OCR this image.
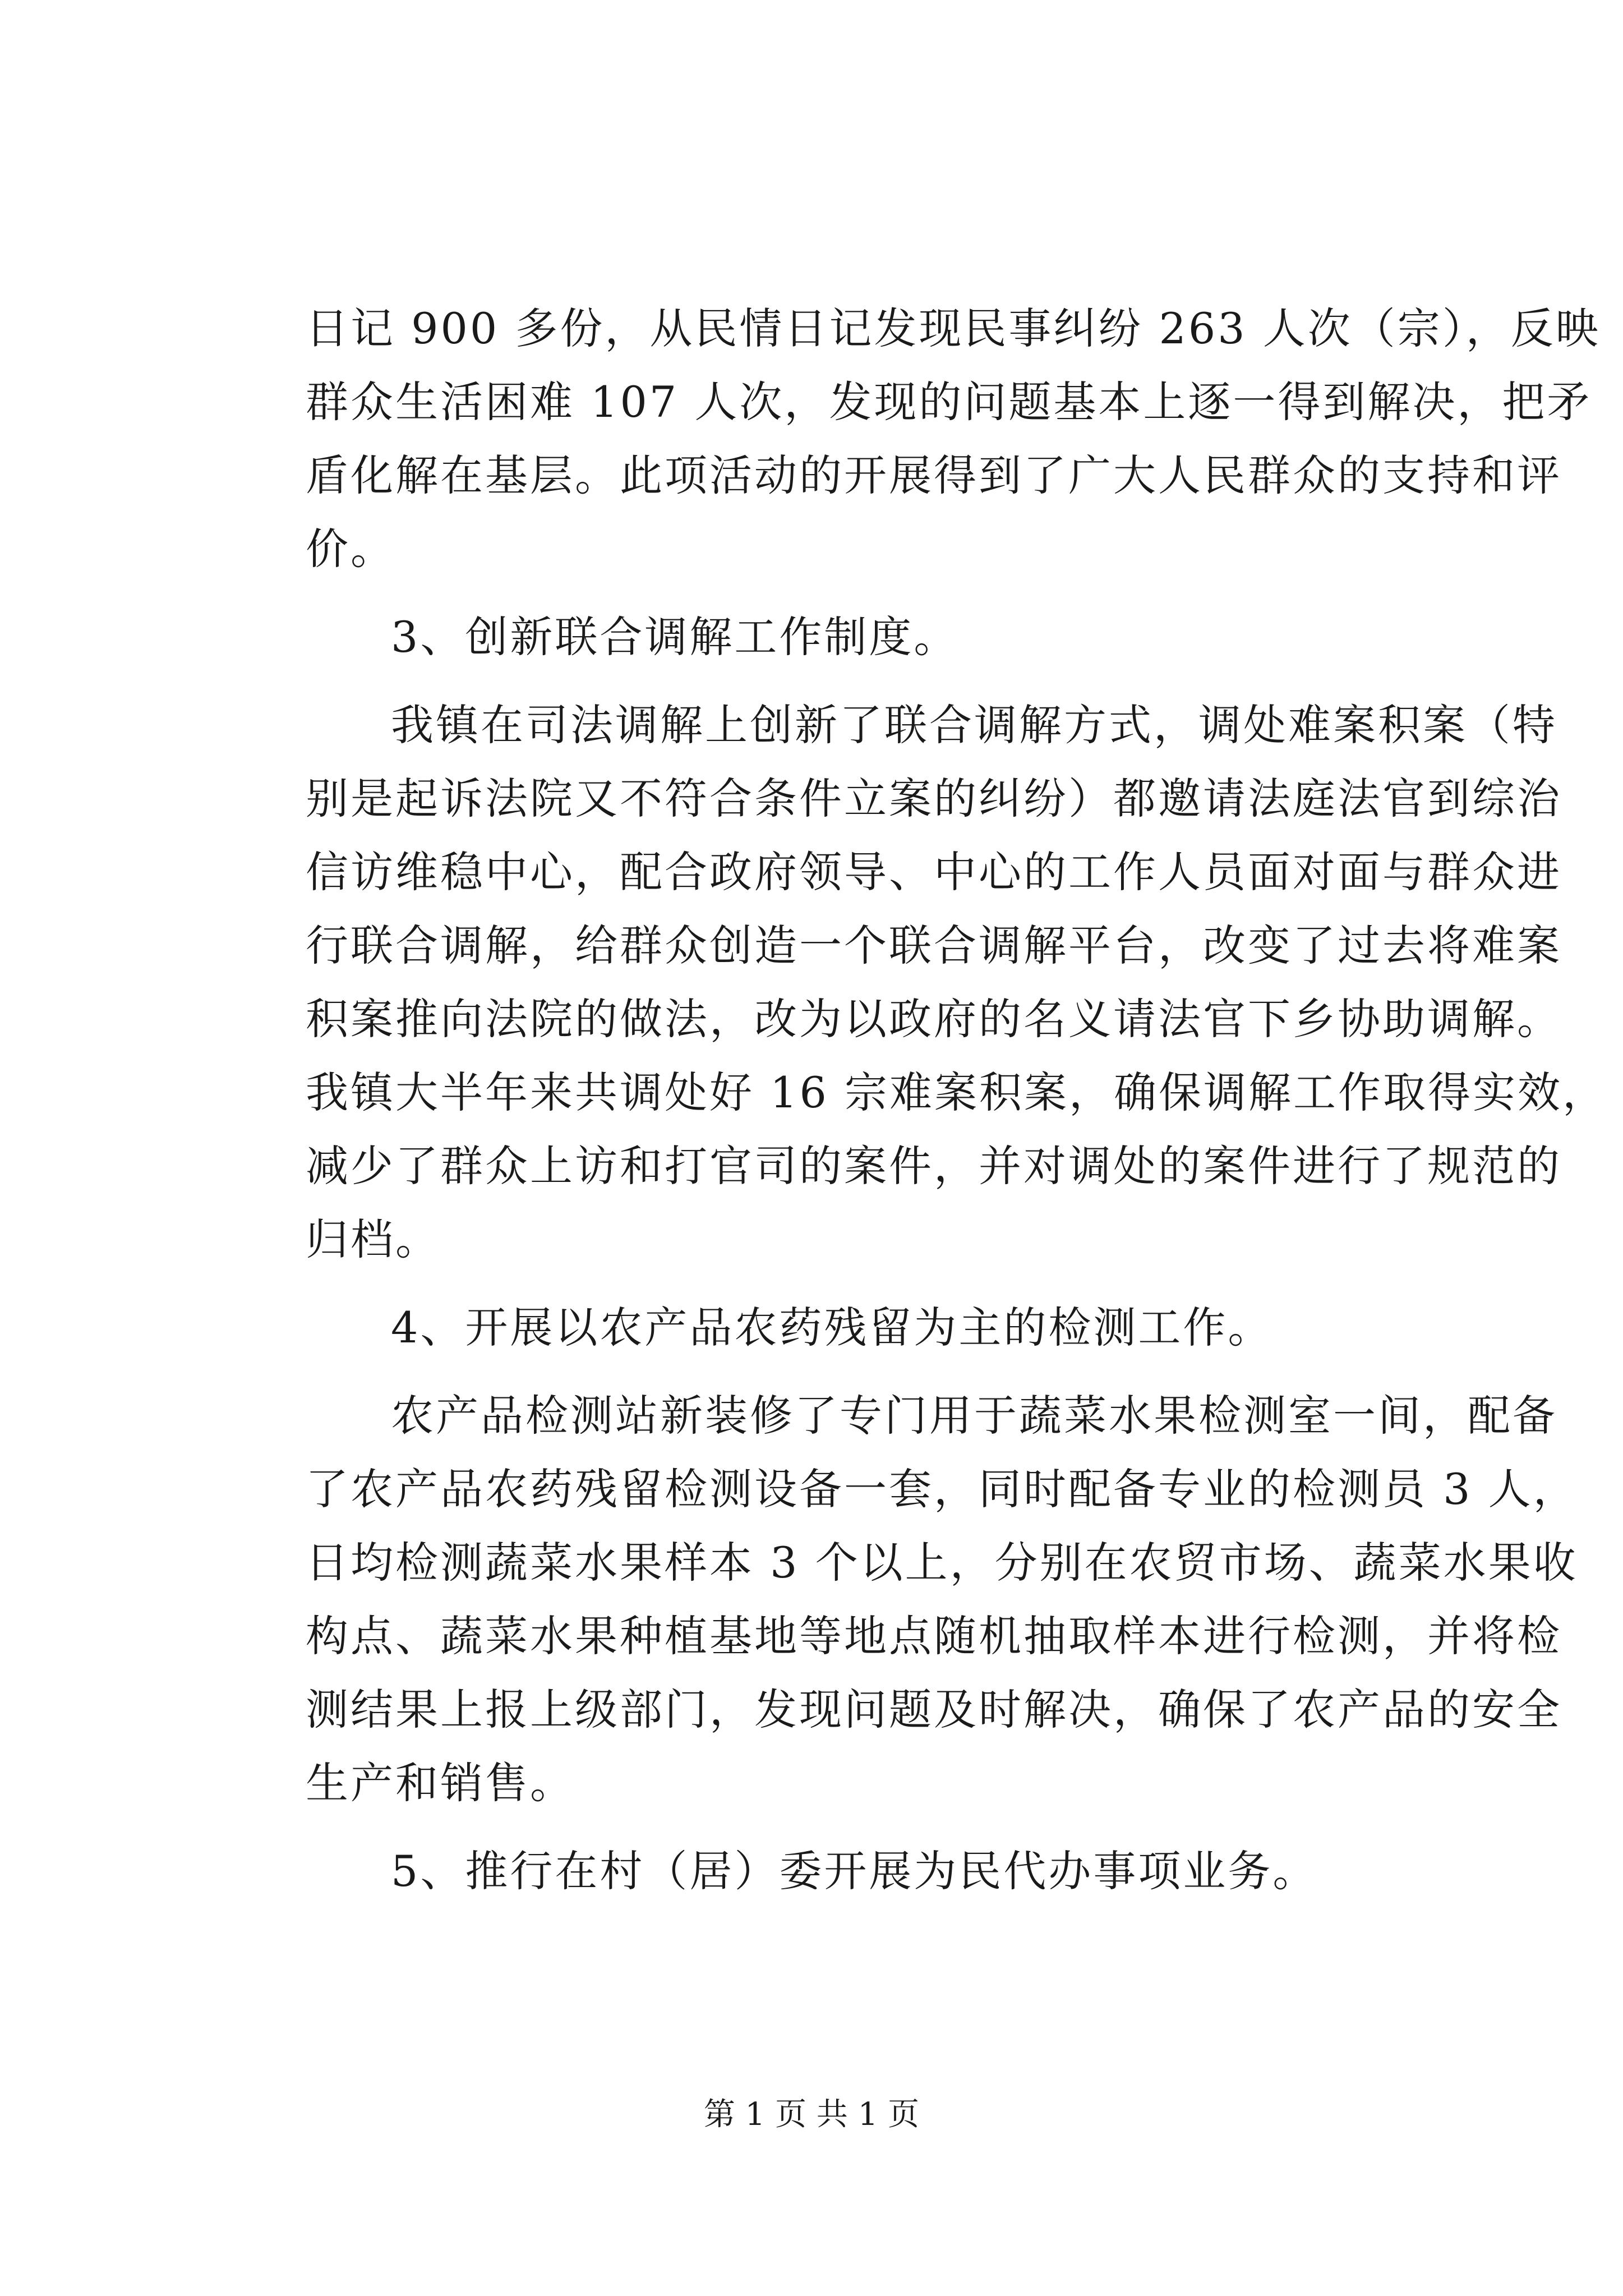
日记 900 多份，从民情日记发现民事纠纷 263 人次（宗），反映
群众生活困难 107 人次，发现的问题基本上逐一得到解决，把矛
盾化解在基层。此项活动的开展得到了广大人民群众的支持和评
价。
3、创新联合调解工作制度。
我镇在司法调解上创新了联合调解方式，调处难案积案（特
别是起诉法院又不符合条件立案的纠纷）都邀请法庭法官到综治
信访维稳中心，配合政府领导、中心的工作人员面对面与群众进
行联合调解，给群众创造一个联合调解平台，改变了过去将难案
积案推向法院的做法，改为以政府的名义请法官下乡协助调解。
我镇大半年来共调处好 16 宗难案积案，确保调解工作取得实效，
减少了群众上访和打官司的案件，并对调处的案件进行了规范的
归档。
4、开展以农产品农药残留为主的检测工作。
农产品检测站新装修了专门用于蔬菜水果检测室一间，配备
了农产品农药残留检测设备一套，同时配备专业的检测员 3 人，
日均检测蔬菜水果样本 3 个以上，分别在农贸市场、蔬菜水果收
构点、蔬菜水果种植基地等地点随机抽取样本进行检测，并将检
测结果上报上级部门，发现问题及时解决，确保了农产品的安全
生产和销售。
5、推行在村（居）委开展为民代办事项业务。
第 1 页 共 1 页
